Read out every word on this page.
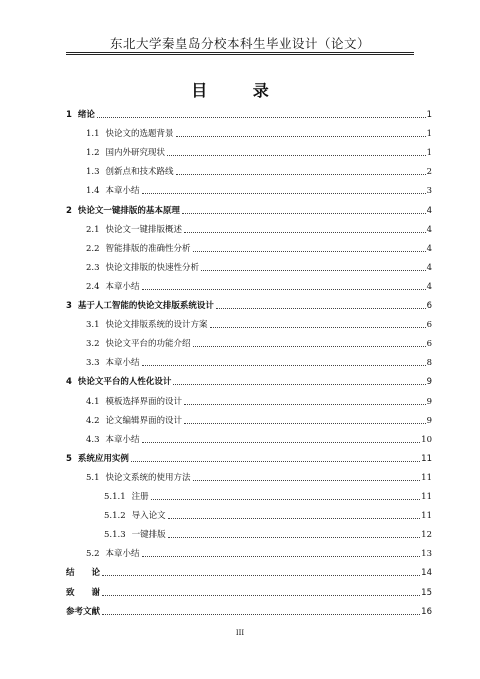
东北大学秦皇岛分校本科生毕业设计（论文）
目 录
1 绪论	1
1.1 快论文的选题背景	1
1.2 国内外研究现状	1
1.3 创新点和技术路线	2
1.4 本章小结	3
2 快论文一键排版的基本原理	4
2.1 快论文一键排版概述	4
2.2 智能排版的准确性分析	4
2.3 快论文排版的快速性分析	4
2.4 本章小结	4
3 基于人工智能的快论文排版系统设计	6
3.1 快论文排版系统的设计方案	6
3.2 快论文平台的功能介绍	6
3.3 本章小结	8
4 快论文平台的人性化设计	9
4.1 模板选择界面的设计	9
4.2 论文编辑界面的设计	9
4.3 本章小结	10
5 系统应用实例	11
5.1 快论文系统的使用方法	11
5.1.1 注册	11
5.1.2 导入论文	11
5.1.3 一键排版	12
5.2 本章小结	13
结　　论	14
致　　谢	15
参考文献	16
III
